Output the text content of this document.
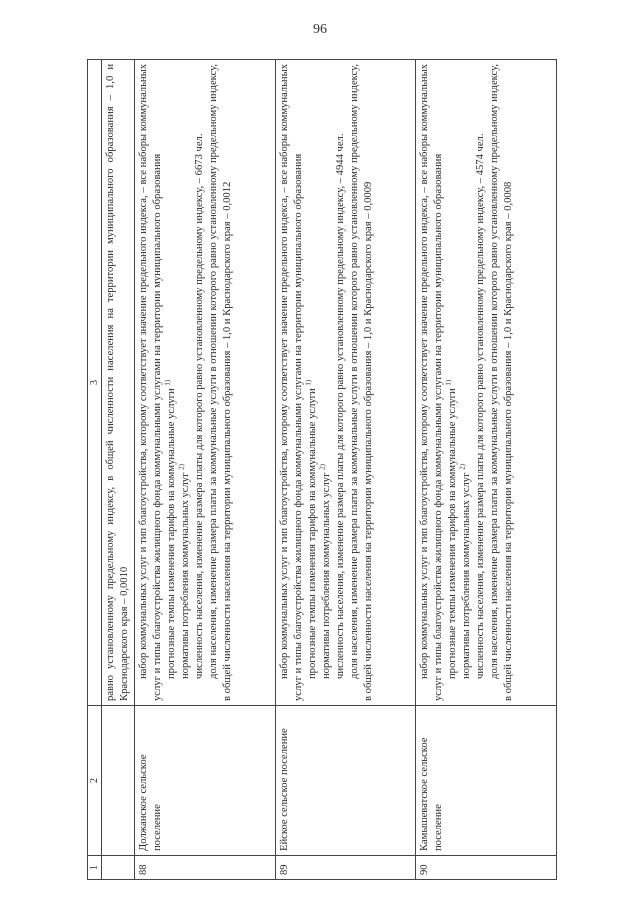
96
1	2	3

		равно установленному предельному индексу, в общей численности населения на территории муниципального образования – 1,0 и Краснодарского края – 0,0010

88	Должанское сельское поселение	набор коммунальных услуг и тип благоустройства, которому соответствует значение предельного индекса, – все наборы коммунальных услуг и типы благоустройства жилищного фонда коммунальными услугами на территории муниципального образования прогнозные темпы изменения тарифов на коммунальные услуги $^{1)}$

нормативы потребления коммунальных услуг $^{2)}$ численность населения, изменение размера платы для которого равно установленному предельному индексу, – 6673 чел. доля населения, изменение размера платы за коммунальные услуги в отношении которого равно установленному предельному индексу, в общей численности населения на территории муниципального образования – 1,0 и Краснодарского края – 0,0012

89	Ейское сельское поселение	набор коммунальных услуг и тип благоустройства, которому соответствует значение предельного индекса, – все наборы коммунальных услуг и типы благоустройства жилищного фонда коммунальными услугами на территории муниципального образования прогнозные темпы изменения тарифов на коммунальные услуги $^{1)}$

нормативы потребления коммунальных услуг $^{2)}$ численность населения, изменение размера платы для которого равно установленному предельному индексу, – 4944 чел. доля населения, изменение размера платы за коммунальные услуги в отношении которого равно установленному предельному индексу, в общей численности населения на территории муниципального образования – 1,0 и Краснодарского края – 0,0009

90	Камышеватское сельское поселение	набор коммунальных услуг и тип благоустройства, которому соответствует значение предельного индекса, – все наборы коммунальных услуг и типы благоустройства жилищного фонда коммунальными услугами на территории муниципального образования прогнозные темпы изменения тарифов на коммунальные услуги $^{1)}$

нормативы потребления коммунальных услуг $^{2)}$ численность населения, изменение размера платы для которого равно установленному предельному индексу, – 4574 чел. доля населения, изменение размера платы за коммунальные услуги в отношении которого равно установленному предельному индексу, в общей численности населения на территории муниципального образования – 1,0 и Краснодарского края – 0,0008
